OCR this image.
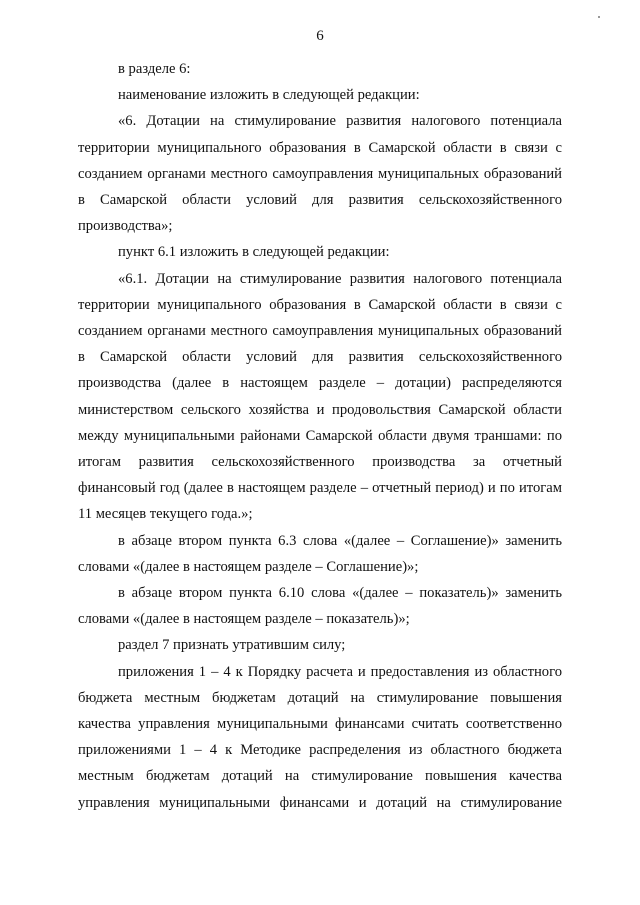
6

в разделе 6:

наименование изложить в следующей редакции:

«6. Дотации на стимулирование развития налогового потенциала территории муниципального образования в Самарской области в связи с созданием органами местного самоуправления муниципальных образований в Самарской области условий для развития сельскохозяйственного производства»;

пункт 6.1 изложить в следующей редакции:

«6.1. Дотации на стимулирование развития налогового потенциала территории муниципального образования в Самарской области в связи с созданием органами местного самоуправления муниципальных образований в Самарской области условий для развития сельскохозяйственного производства (далее в настоящем разделе – дотации) распределяются министерством сельского хозяйства и продовольствия Самарской области между муниципальными районами Самарской области двумя траншами: по итогам развития сельскохозяйственного производства за отчетный финансовый год (далее в настоящем разделе – отчетный период) и по итогам 11 месяцев текущего года.»;

в абзаце втором пункта 6.3 слова «(далее – Соглашение)» заменить словами «(далее в настоящем разделе – Соглашение)»;

в абзаце втором пункта 6.10 слова «(далее – показатель)» заменить словами «(далее в настоящем разделе – показатель)»;

раздел 7 признать утратившим силу;

приложения 1 – 4 к Порядку расчета и предоставления из областного бюджета местным бюджетам дотаций на стимулирование повышения качества управления муниципальными финансами считать соответственно приложениями 1 – 4 к Методике распределения из областного бюджета местным бюджетам дотаций на стимулирование повышения качества управления муниципальными финансами и дотаций на стимулирование
